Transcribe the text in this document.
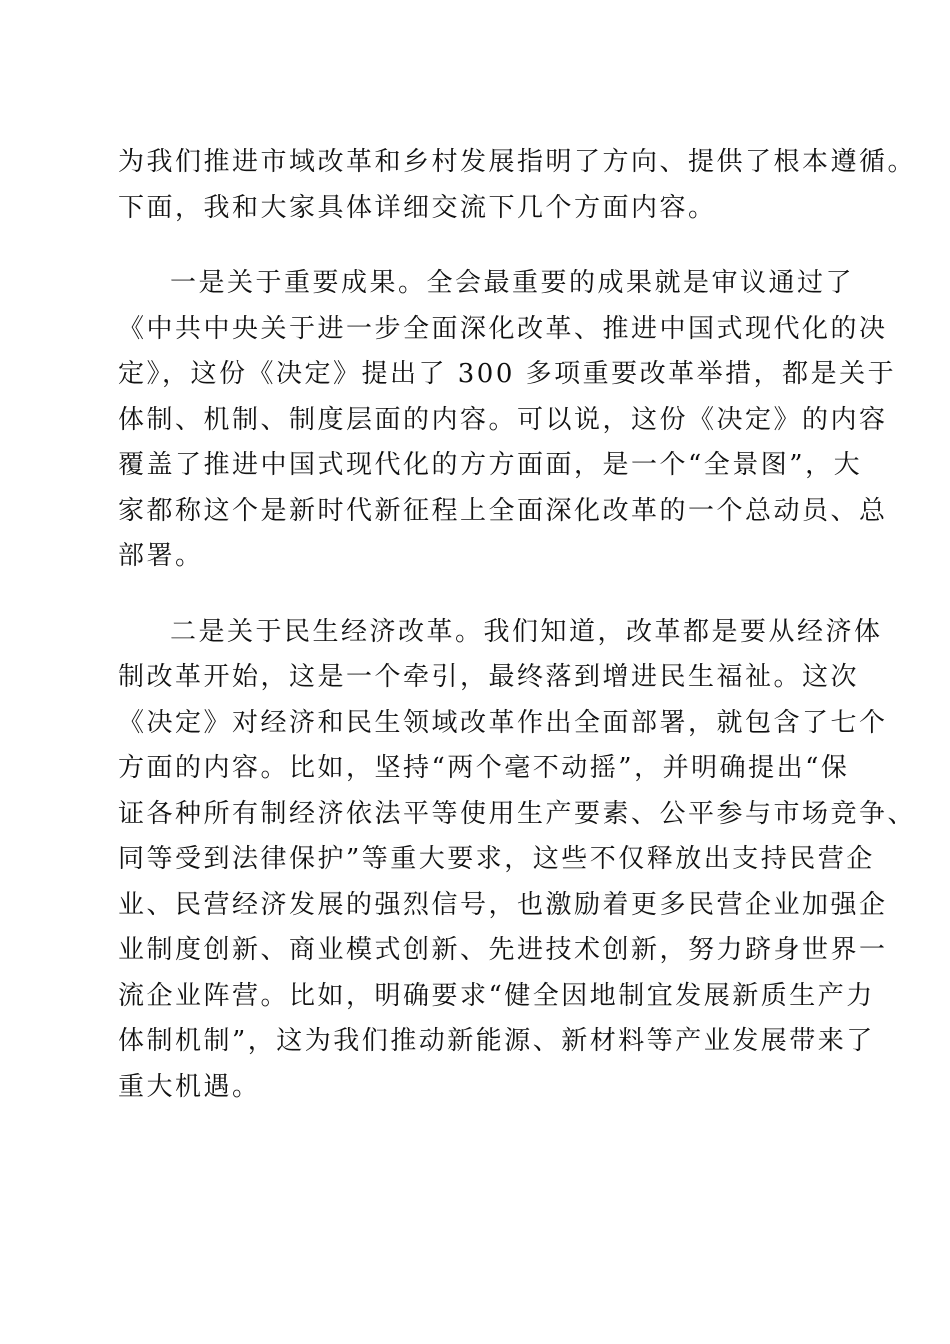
为我们推进市域改革和乡村发展指明了方向、提供了根本遵循。
下面，我和大家具体详细交流下几个方面内容。
一是关于重要成果。全会最重要的成果就是审议通过了
《中共中央关于进一步全面深化改革、推进中国式现代化的决
定》，这份《决定》提出了 300 多项重要改革举措，都是关于
体制、机制、制度层面的内容。可以说，这份《决定》的内容
覆盖了推进中国式现代化的方方面面，是一个“全景图”，大
家都称这个是新时代新征程上全面深化改革的一个总动员、总
部署。
二是关于民生经济改革。我们知道，改革都是要从经济体
制改革开始，这是一个牵引，最终落到增进民生福祉。这次
《决定》对经济和民生领域改革作出全面部署，就包含了七个
方面的内容。比如，坚持“两个毫不动摇”，并明确提出“保
证各种所有制经济依法平等使用生产要素、公平参与市场竞争、
同等受到法律保护”等重大要求，这些不仅释放出支持民营企
业、民营经济发展的强烈信号，也激励着更多民营企业加强企
业制度创新、商业模式创新、先进技术创新，努力跻身世界一
流企业阵营。比如，明确要求“健全因地制宜发展新质生产力
体制机制”，这为我们推动新能源、新材料等产业发展带来了
重大机遇。
